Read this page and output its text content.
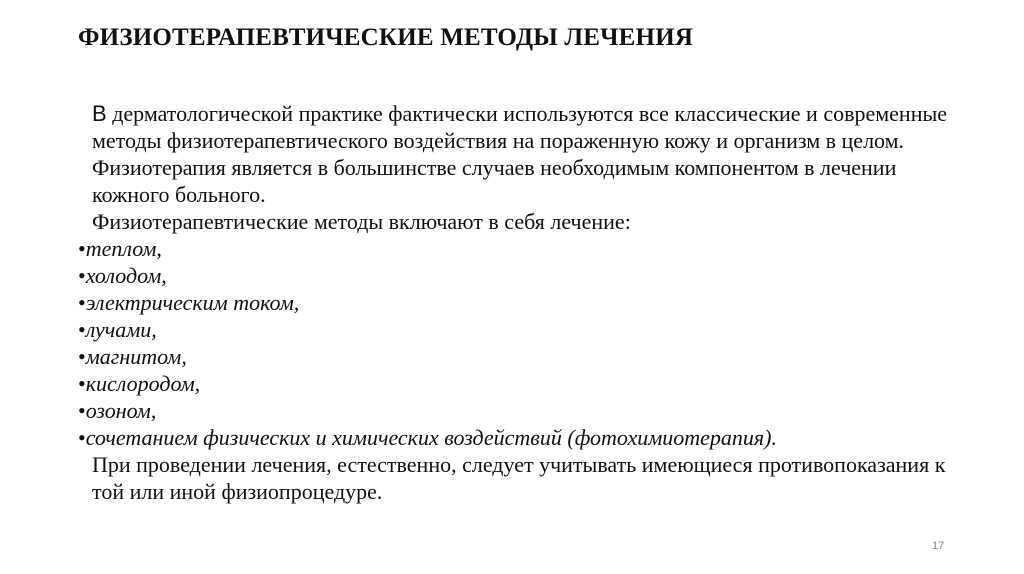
ФИЗИОТЕРАПЕВТИЧЕСКИЕ МЕТОДЫ ЛЕЧЕНИЯ

В дерматологической практике фактически используются все классические и современные методы физиотерапевтического воздействия на пораженную кожу и организм в целом. Физиотерапия является в большинстве случаев необходимым компонентом в лечении кожного больного.

Физиотерапевтические методы включают в себя лечение:

•теплом,
•холодом,
•электрическим током,
•лучами,
•магнитом,
•кислородом,
•озоном,
•сочетанием физических и химических воздействий (фотохимиотерапия).

При проведении лечения, естественно, следует учитывать имеющиеся противопоказания к той или иной физиопроцедуре.

17
